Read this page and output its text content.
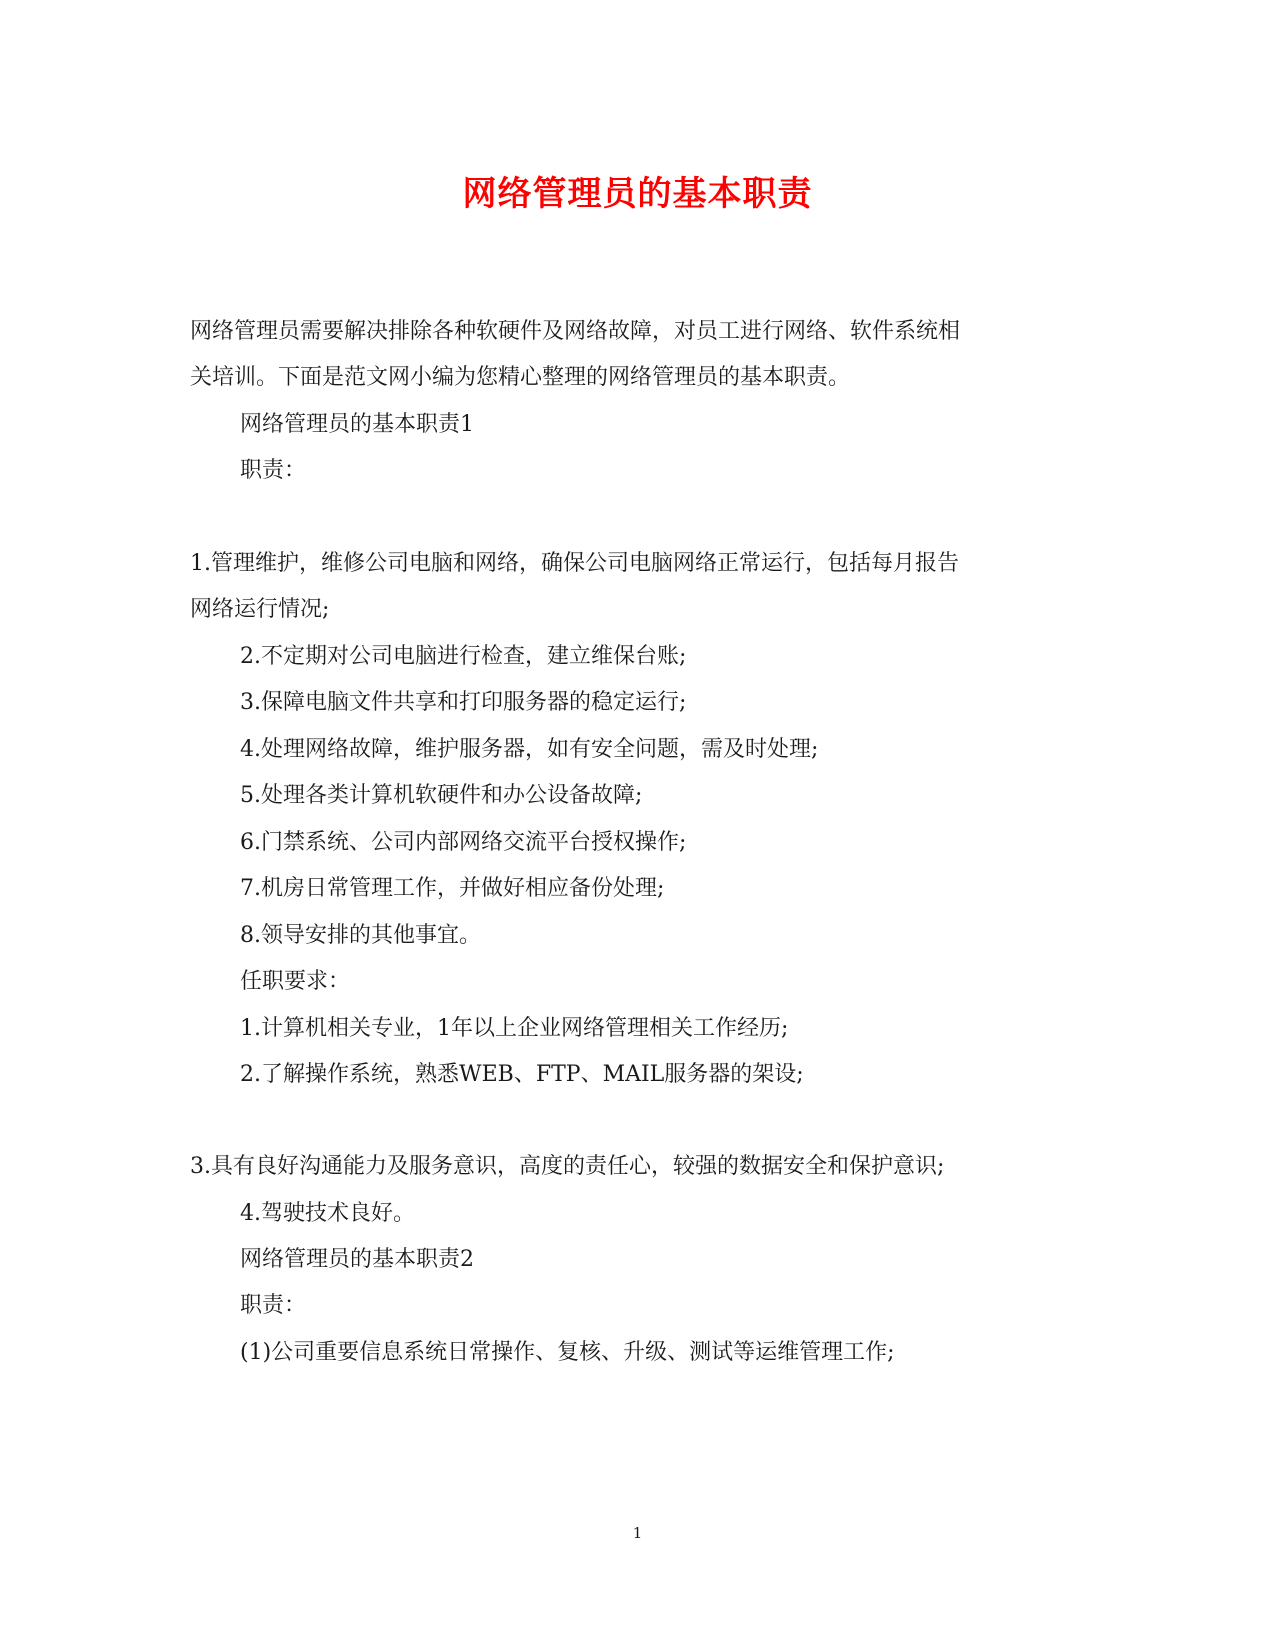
网络管理员的基本职责

网络管理员需要解决排除各种软硬件及网络故障，对员工进行网络、软件系统相

关培训。下面是范文网小编为您精心整理的网络管理员的基本职责。

网络管理员的基本职责1

职责：

1.管理维护，维修公司电脑和网络，确保公司电脑网络正常运行，包括每月报告

网络运行情况;

2.不定期对公司电脑进行检查，建立维保台账;

3.保障电脑文件共享和打印服务器的稳定运行;

4.处理网络故障，维护服务器，如有安全问题，需及时处理;

5.处理各类计算机软硬件和办公设备故障;

6.门禁系统、公司内部网络交流平台授权操作;

7.机房日常管理工作，并做好相应备份处理;

8.领导安排的其他事宜。

任职要求：

1.计算机相关专业，1年以上企业网络管理相关工作经历;

2.了解操作系统，熟悉WEB、FTP、MAIL服务器的架设;

3.具有良好沟通能力及服务意识，高度的责任心，较强的数据安全和保护意识;

4.驾驶技术良好。

网络管理员的基本职责2

职责：

(1)公司重要信息系统日常操作、复核、升级、测试等运维管理工作;

1
